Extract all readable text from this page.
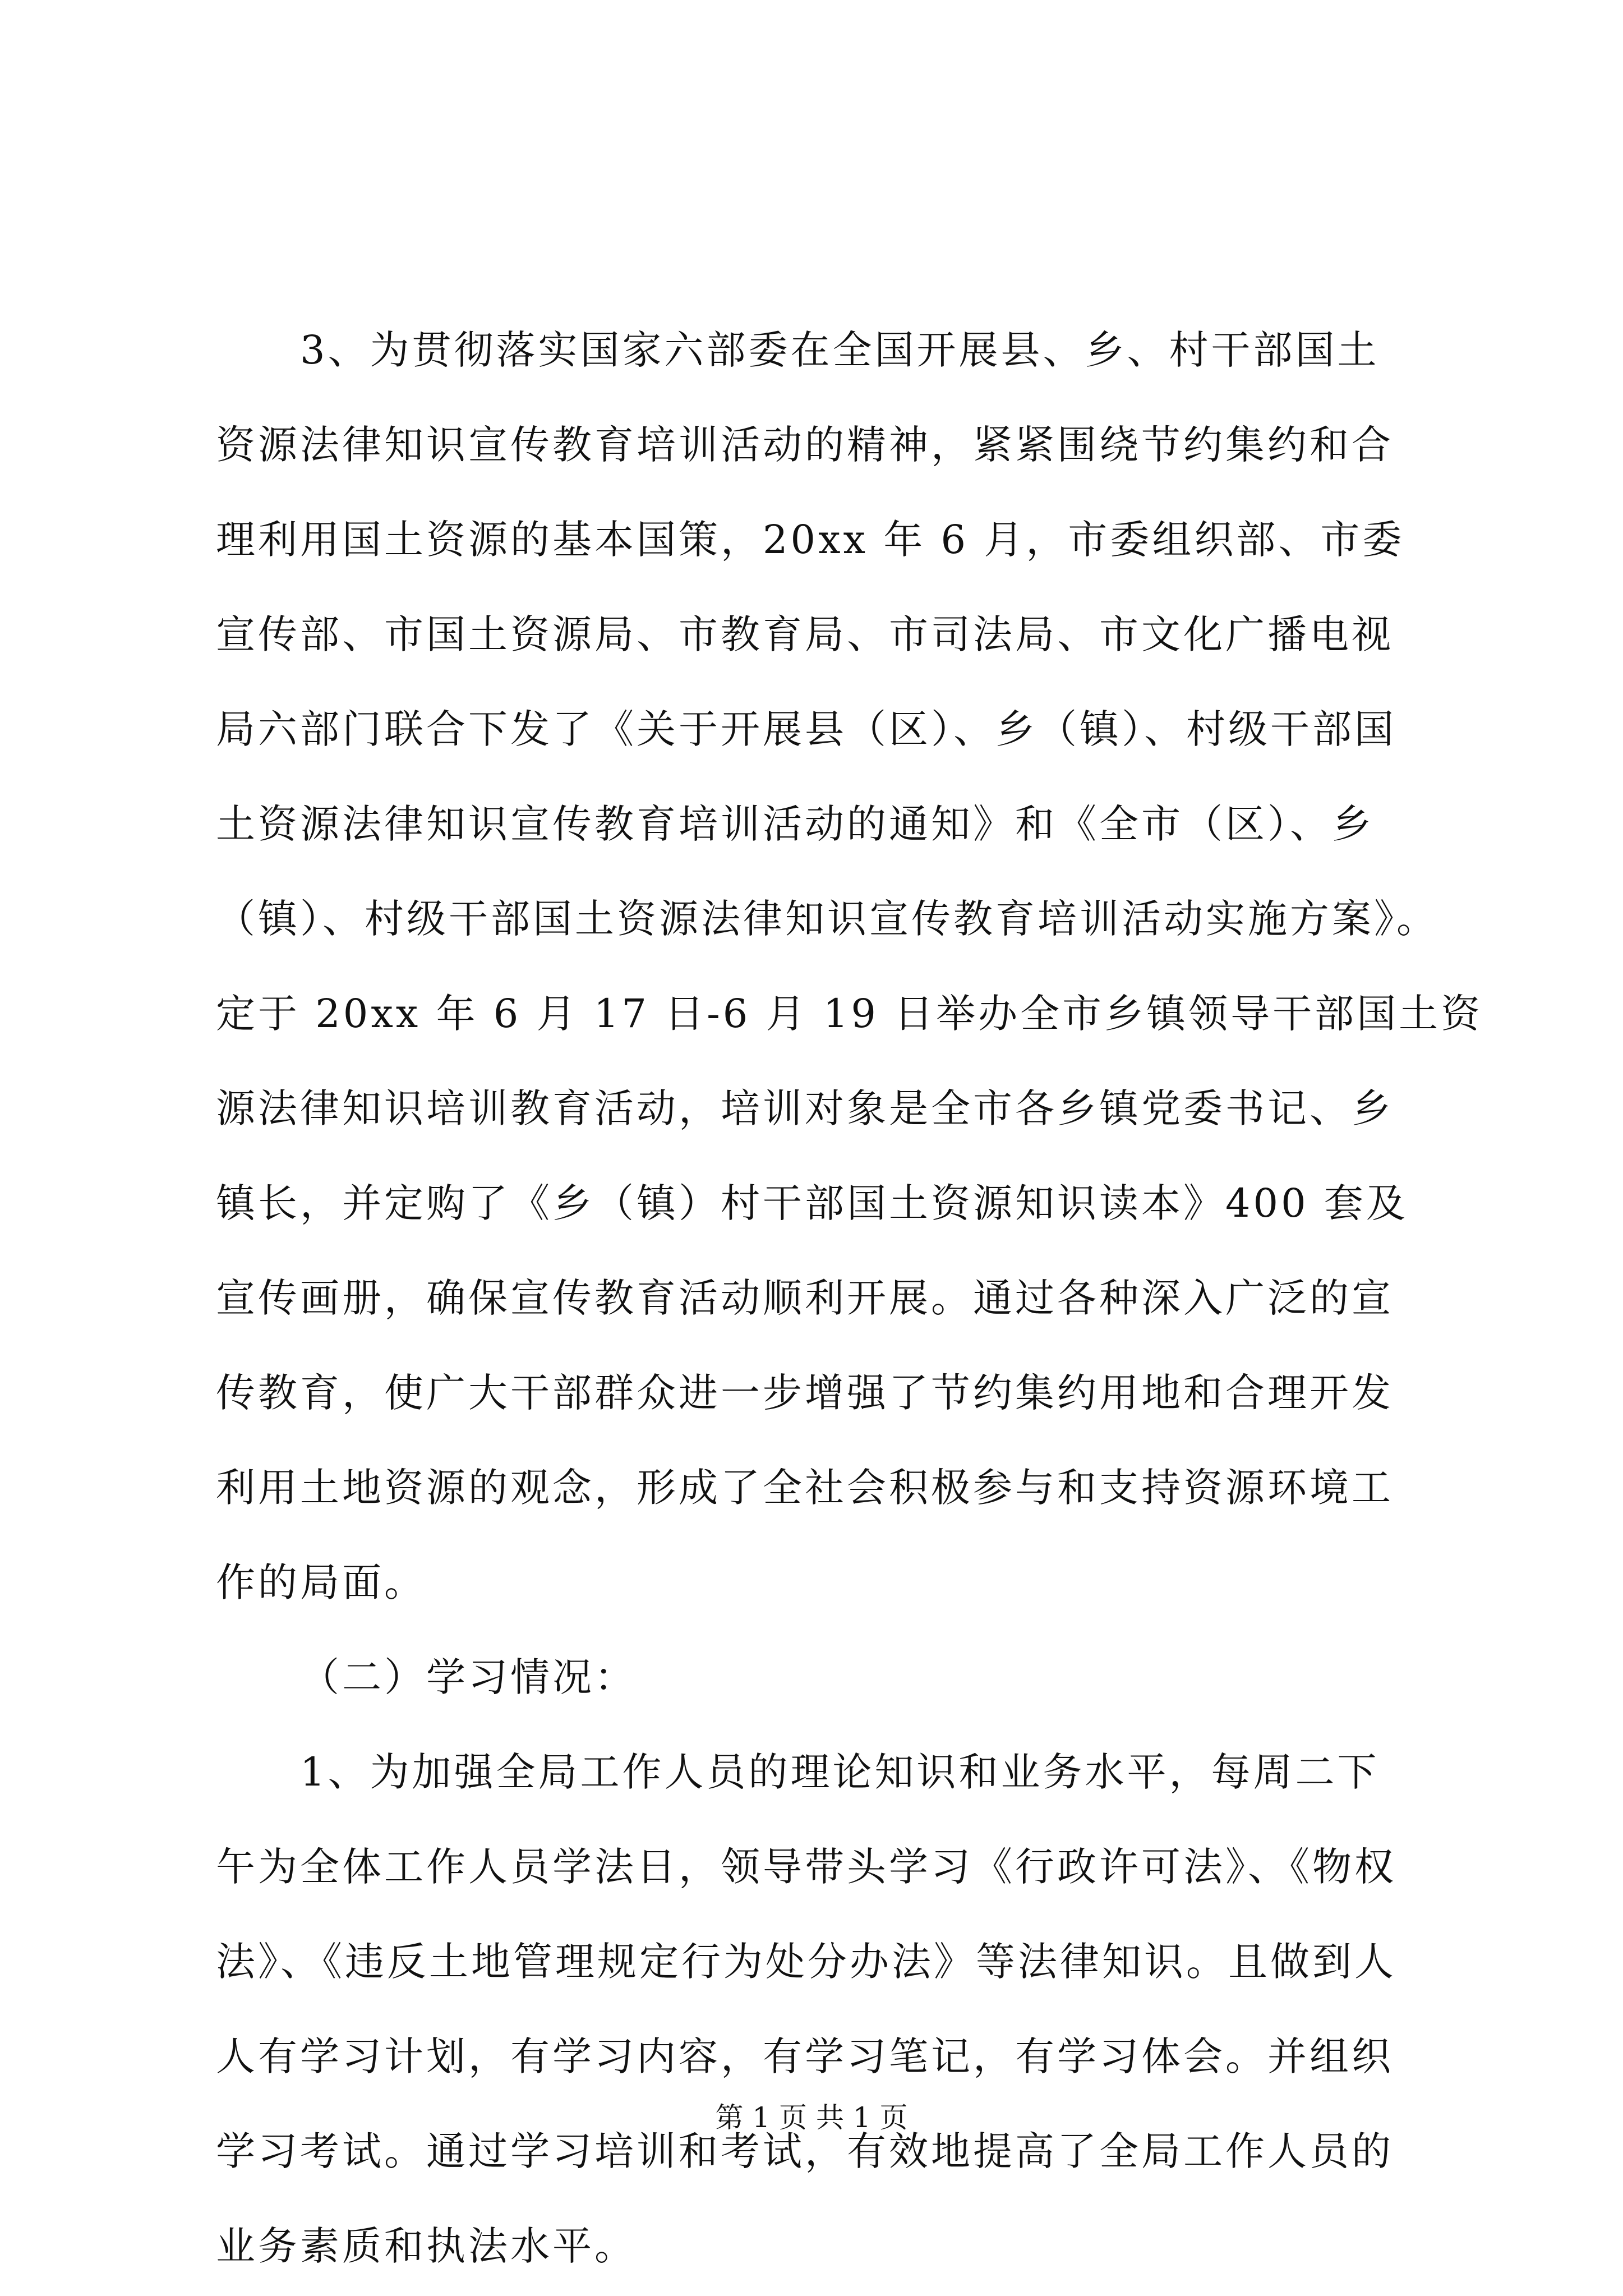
3、为贯彻落实国家六部委在全国开展县、乡、村干部国土
资源法律知识宣传教育培训活动的精神，紧紧围绕节约集约和合
理利用国土资源的基本国策，20xx 年 6 月，市委组织部、市委
宣传部、市国土资源局、市教育局、市司法局、市文化广播电视
局六部门联合下发了《关于开展县（区）、乡（镇）、村级干部国
土资源法律知识宣传教育培训活动的通知》和《全市（区）、乡
（镇）、村级干部国土资源法律知识宣传教育培训活动实施方案》。
定于 20xx 年 6 月 17 日-6 月 19 日举办全市乡镇领导干部国土资
源法律知识培训教育活动，培训对象是全市各乡镇党委书记、乡
镇长，并定购了《乡（镇）村干部国土资源知识读本》400 套及
宣传画册，确保宣传教育活动顺利开展。通过各种深入广泛的宣
传教育，使广大干部群众进一步增强了节约集约用地和合理开发
利用土地资源的观念，形成了全社会积极参与和支持资源环境工
作的局面。
（二）学习情况：
1、为加强全局工作人员的理论知识和业务水平，每周二下
午为全体工作人员学法日，领导带头学习《行政许可法》、《物权
法》、《违反土地管理规定行为处分办法》等法律知识。且做到人
人有学习计划，有学习内容，有学习笔记，有学习体会。并组织
学习考试。通过学习培训和考试，有效地提高了全局工作人员的
业务素质和执法水平。
第 1 页 共 1 页
